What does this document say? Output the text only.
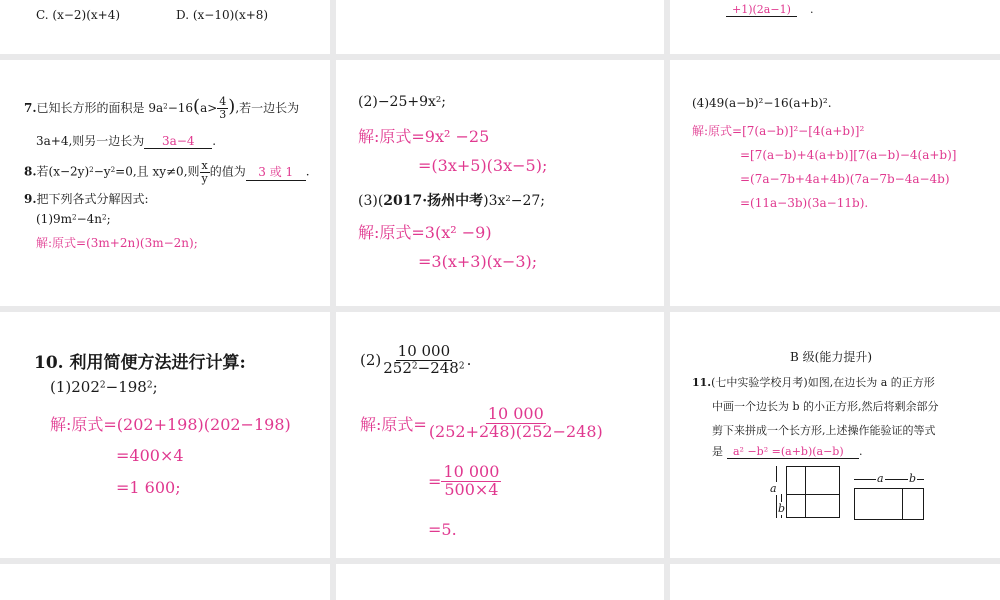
C. (x−2)(x+4)	D. (x−10)(x+8)	+1)(2a−1)	.
7.已知长方形的面积是 $9a^2-16(a> \frac{4}{3}$ ),若一边长为
3a+4,则另一边长为 3a−4 .
8.若$(x-2y)^2-y^2=0$,且 xy≠0,则 $\frac{x}{y}$ 的值为 3 或 1 .
9.把下列各式分解因式:
$(1)9m^2-4n^2$;
解:原式=(3m+2n)(3m−2n);
$(2)-25+9x^2$;
解:原式=9x² −25
=(3x+5)(3x−5);
(3)(2017·扬州中考)$3x^2-27$;
解:原式=3(x² −9)
=3(x+3)(x−3);
(4)49(a−b)²−16(a+b)².
解:原式=[7(a−b)]²−[4(a+b)]²
=[7(a−b)+4(a+b)][7(a−b)−4(a+b)]
=(7a−7b+4a+4b)(7a−7b−4a−4b)
=(11a−3b)(3a−11b).
10. 利用简便方法进行计算:
$(1)202^2-198^2$;
解:原式=(202+198)(202−198)
=400×4
=1 600;
$(2) \frac{10 000}{252^2-248^2}$ .
解:原式= $\frac{10 000}{(252+248)(252-248)}$
= $\frac{10 000}{500\times 4}$
=5.
B 级(能力提升)
11.(七中实验学校月考)如图,在边长为 a 的正方形
中画一个边长为 b 的小正方形,然后将剩余部分
剪下来拼成一个长方形,上述操作能验证的等式
是 a² −b² =(a+b)(a−b) .
a
b
a b
